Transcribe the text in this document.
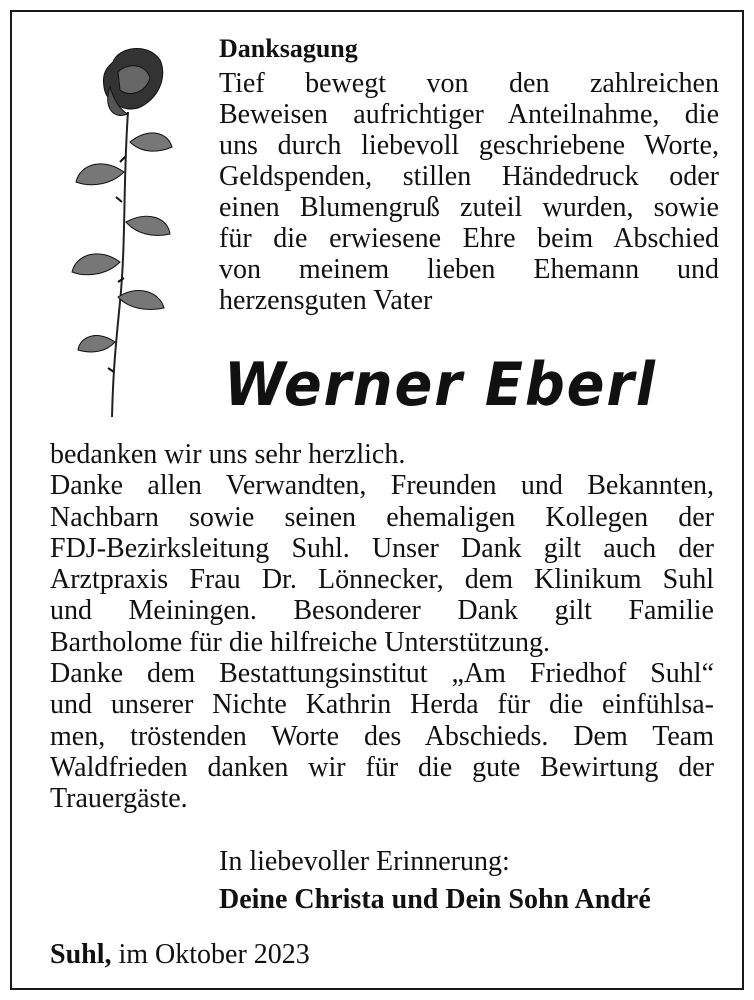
Danksagung
Tief bewegt von den zahlreichen
Beweisen aufrichtiger Anteilnahme, die
uns durch liebevoll geschriebene Worte,
Geldspenden, stillen Händedruck oder
einen Blumengruß zuteil wurden, sowie
für die erwiesene Ehre beim Abschied
von meinem lieben Ehemann und
herzensguten Vater
Werner Eberl
bedanken wir uns sehr herzlich.
Danke allen Verwandten, Freunden und Bekannten,
Nachbarn sowie seinen ehemaligen Kollegen der
FDJ-Bezirksleitung Suhl. Unser Dank gilt auch der
Arztpraxis Frau Dr. Lönnecker, dem Klinikum Suhl
und Meiningen. Besonderer Dank gilt Familie
Bartholome für die hilfreiche Unterstützung.
Danke dem Bestattungsinstitut „Am Friedhof Suhl“
und unserer Nichte Kathrin Herda für die einfühlsa-
men, tröstenden Worte des Abschieds. Dem Team
Waldfrieden danken wir für die gute Bewirtung der
Trauergäste.
In liebevoller Erinnerung:
Deine Christa und Dein Sohn André
Suhl, im Oktober 2023
